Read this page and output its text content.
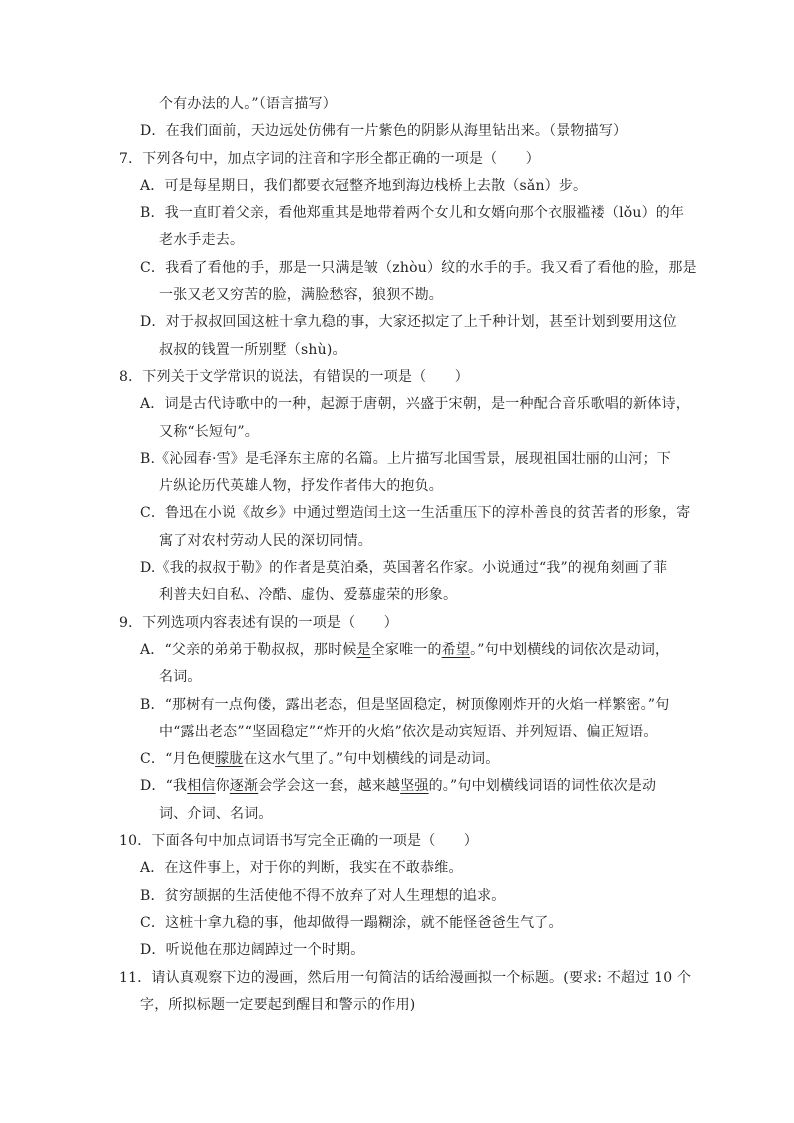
个有办法的人。”（语言描写）
D．在我们面前，天边远处仿佛有一片紫色的阴影从海里钻出来。（景物描写）
7．下列各句中，加点字词的注音和字形全都正确的一项是（　　）
A．可是每星期日，我们都要衣冠整齐地到海边栈桥上去散（sǎn）步。
B．我一直盯着父亲，看他郑重其是地带着两个女儿和女婿向那个衣服褴褛（lǒu）的年
老水手走去。
C．我看了看他的手，那是一只满是皱（zhòu）纹的水手的手。我又看了看他的脸，那是
一张又老又穷苦的脸，满脸愁容，狼狈不勘。
D．对于叔叔回国这桩十拿九稳的事，大家还拟定了上千种计划，甚至计划到要用这位
叔叔的钱置一所别墅（shù)。
8．下列关于文学常识的说法，有错误的一项是（　　）
A．词是古代诗歌中的一种，起源于唐朝，兴盛于宋朝，是一种配合音乐歌唱的新体诗，
又称“长短句”。
B.《沁园春·雪》是毛泽东主席的名篇。上片描写北国雪景，展现祖国壮丽的山河；下
片纵论历代英雄人物，抒发作者伟大的抱负。
C．鲁迅在小说《故乡》中通过塑造闰土这一生活重压下的淳朴善良的贫苦者的形象，寄
寓了对农村劳动人民的深切同情。
D.《我的叔叔于勒》的作者是莫泊桑，英国著名作家。小说通过“我”的视角刻画了菲
利普夫妇自私、冷酷、虚伪、爱慕虚荣的形象。
9．下列选项内容表述有误的一项是（　　）
A．“父亲的弟弟于勒叔叔，那时候是全家唯一的希望。”句中划横线的词依次是动词，
名词。
B．“那树有一点佝偻，露出老态，但是坚固稳定，树顶像刚炸开的火焰一样繁密。”句
中“露出老态”“坚固稳定”“炸开的火焰”依次是动宾短语、并列短语、偏正短语。
C．“月色便朦胧在这水气里了。”句中划横线的词是动词。
D．“我相信你逐渐会学会这一套，越来越坚强的。”句中划横线词语的词性依次是动
词、介词、名词。
10．下面各句中加点词语书写完全正确的一项是（　　）
A．在这件事上，对于你的判断，我实在不敢恭维。
B．贫穷颉据的生活使他不得不放弃了对人生理想的追求。
C．这桩十拿九稳的事，他却做得一蹋糊涂，就不能怪爸爸生气了。
D．听说他在那边阔踔过一个时期。
11．请认真观察下边的漫画，然后用一句简洁的话给漫画拟一个标题。(要求: 不超过 10 个
字，所拟标题一定要起到醒目和警示的作用)
